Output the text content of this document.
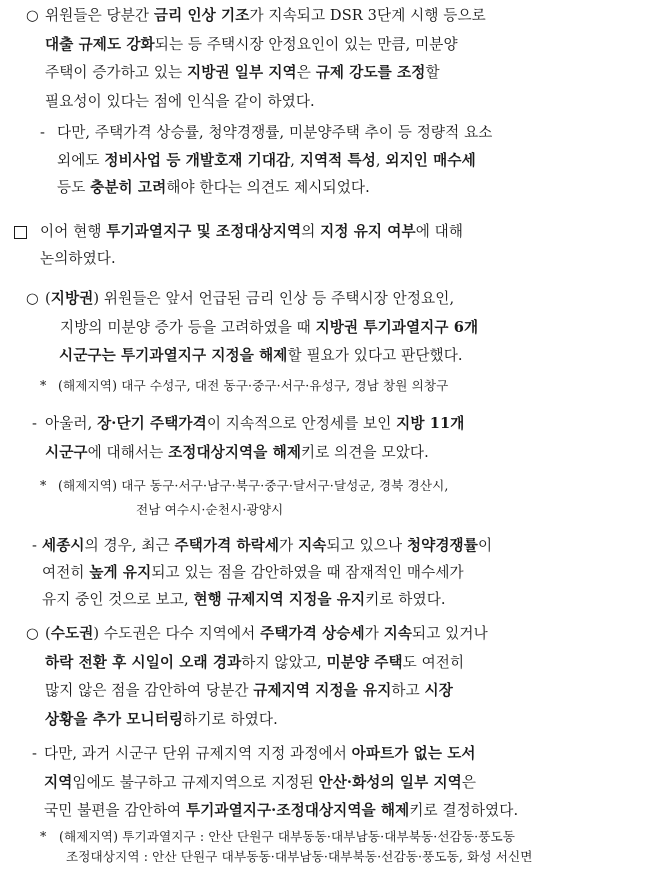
○ 위원들은 당분간 금리 인상 기조가 지속되고 DSR 3단계 시행 등으로
대출 규제도 강화되는 등 주택시장 안정요인이 있는 만큼, 미분양
주택이 증가하고 있는 지방권 일부 지역은 규제 강도를 조정할
필요성이 있다는 점에 인식을 같이 하였다.
- 다만, 주택가격 상승률, 청약경쟁률, 미분양주택 추이 등 정량적 요소
외에도 정비사업 등 개발호재 기대감, 지역적 특성, 외지인 매수세
등도 충분히 고려해야 한다는 의견도 제시되었다.
이어 현행 투기과열지구 및 조정대상지역의 지정 유지 여부에 대해
논의하였다.
○ (지방권) 위원들은 앞서 언급된 금리 인상 등 주택시장 안정요인,
지방의 미분양 증가 등을 고려하였을 때 지방권 투기과열지구 6개
시군구는 투기과열지구 지정을 해제할 필요가 있다고 판단했다.
* (해제지역) 대구 수성구, 대전 동구·중구·서구·유성구, 경남 창원 의창구
- 아울러, 장·단기 주택가격이 지속적으로 안정세를 보인 지방 11개
시군구에 대해서는 조정대상지역을 해제키로 의견을 모았다.
* (해제지역) 대구 동구·서구·남구·북구·중구·달서구·달성군, 경북 경산시,
전남 여수시·순천시·광양시
- 세종시의 경우, 최근 주택가격 하락세가 지속되고 있으나 청약경쟁률이
여전히 높게 유지되고 있는 점을 감안하였을 때 잠재적인 매수세가
유지 중인 것으로 보고, 현행 규제지역 지정을 유지키로 하였다.
○ (수도권) 수도권은 다수 지역에서 주택가격 상승세가 지속되고 있거나
하락 전환 후 시일이 오래 경과하지 않았고, 미분양 주택도 여전히
많지 않은 점을 감안하여 당분간 규제지역 지정을 유지하고 시장
상황을 추가 모니터링하기로 하였다.
- 다만, 과거 시군구 단위 규제지역 지정 과정에서 아파트가 없는 도서
지역임에도 불구하고 규제지역으로 지정된 안산·화성의 일부 지역은
국민 불편을 감안하여 투기과열지구·조정대상지역을 해제키로 결정하였다.
* (해제지역) 투기과열지구 : 안산 단원구 대부동동·대부남동·대부북동·선감동·풍도동
조정대상지역 : 안산 단원구 대부동동·대부남동·대부북동·선감동·풍도동, 화성 서신면
